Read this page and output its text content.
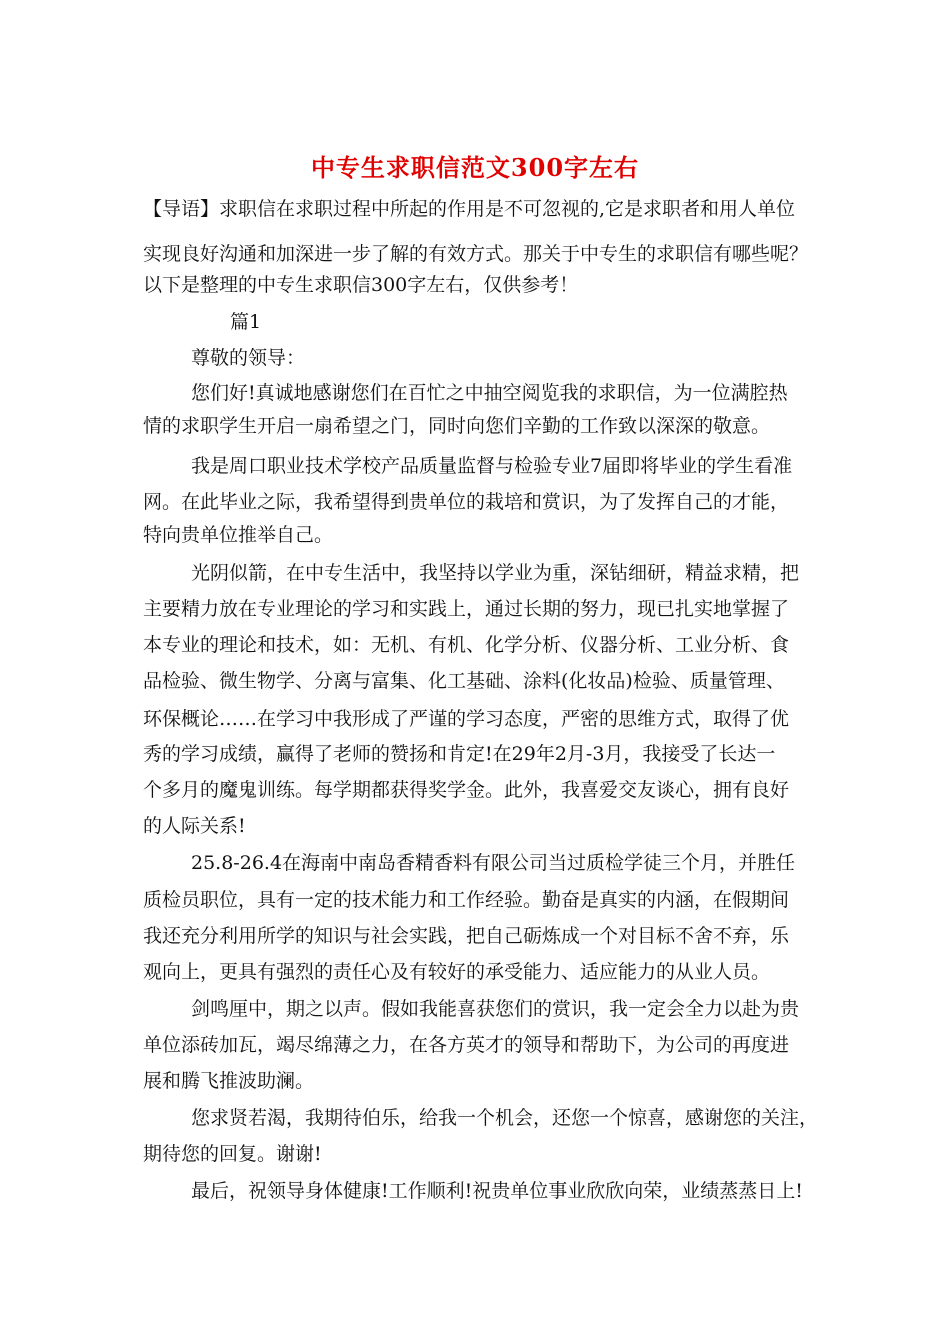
中专生求职信范文300字左右
【导语】求职信在求职过程中所起的作用是不可忽视的,它是求职者和用人单位
实现良好沟通和加深进一步了解的有效方式。那关于中专生的求职信有哪些呢？
以下是整理的中专生求职信300字左右，仅供参考！
篇1
尊敬的领导：
您们好!真诚地感谢您们在百忙之中抽空阅览我的求职信，为一位满腔热
情的求职学生开启一扇希望之门，同时向您们辛勤的工作致以深深的敬意。
我是周口职业技术学校产品质量监督与检验专业7届即将毕业的学生看准
网。在此毕业之际，我希望得到贵单位的栽培和赏识，为了发挥自己的才能，
特向贵单位推举自己。
光阴似箭，在中专生活中，我坚持以学业为重，深钻细研，精益求精，把
主要精力放在专业理论的学习和实践上，通过长期的努力，现已扎实地掌握了
本专业的理论和技术，如：无机、有机、化学分析、仪器分析、工业分析、食
品检验、微生物学、分离与富集、化工基础、涂料(化妆品)检验、质量管理、
环保概论……在学习中我形成了严谨的学习态度，严密的思维方式，取得了优
秀的学习成绩，赢得了老师的赞扬和肯定!在29年2月-3月，我接受了长达一
个多月的魔鬼训练。每学期都获得奖学金。此外，我喜爱交友谈心，拥有良好
的人际关系!
25.8-26.4在海南中南岛香精香料有限公司当过质检学徒三个月，并胜任
质检员职位，具有一定的技术能力和工作经验。勤奋是真实的内涵，在假期间
我还充分利用所学的知识与社会实践，把自己砺炼成一个对目标不舍不弃，乐
观向上，更具有强烈的责任心及有较好的承受能力、适应能力的从业人员。
剑鸣厘中，期之以声。假如我能喜获您们的赏识，我一定会全力以赴为贵
单位添砖加瓦，竭尽绵薄之力，在各方英才的领导和帮助下，为公司的再度进
展和腾飞推波助澜。
您求贤若渴，我期待伯乐，给我一个机会，还您一个惊喜，感谢您的关注，
期待您的回复。谢谢!
最后，祝领导身体健康!工作顺利!祝贵单位事业欣欣向荣，业绩蒸蒸日上!
